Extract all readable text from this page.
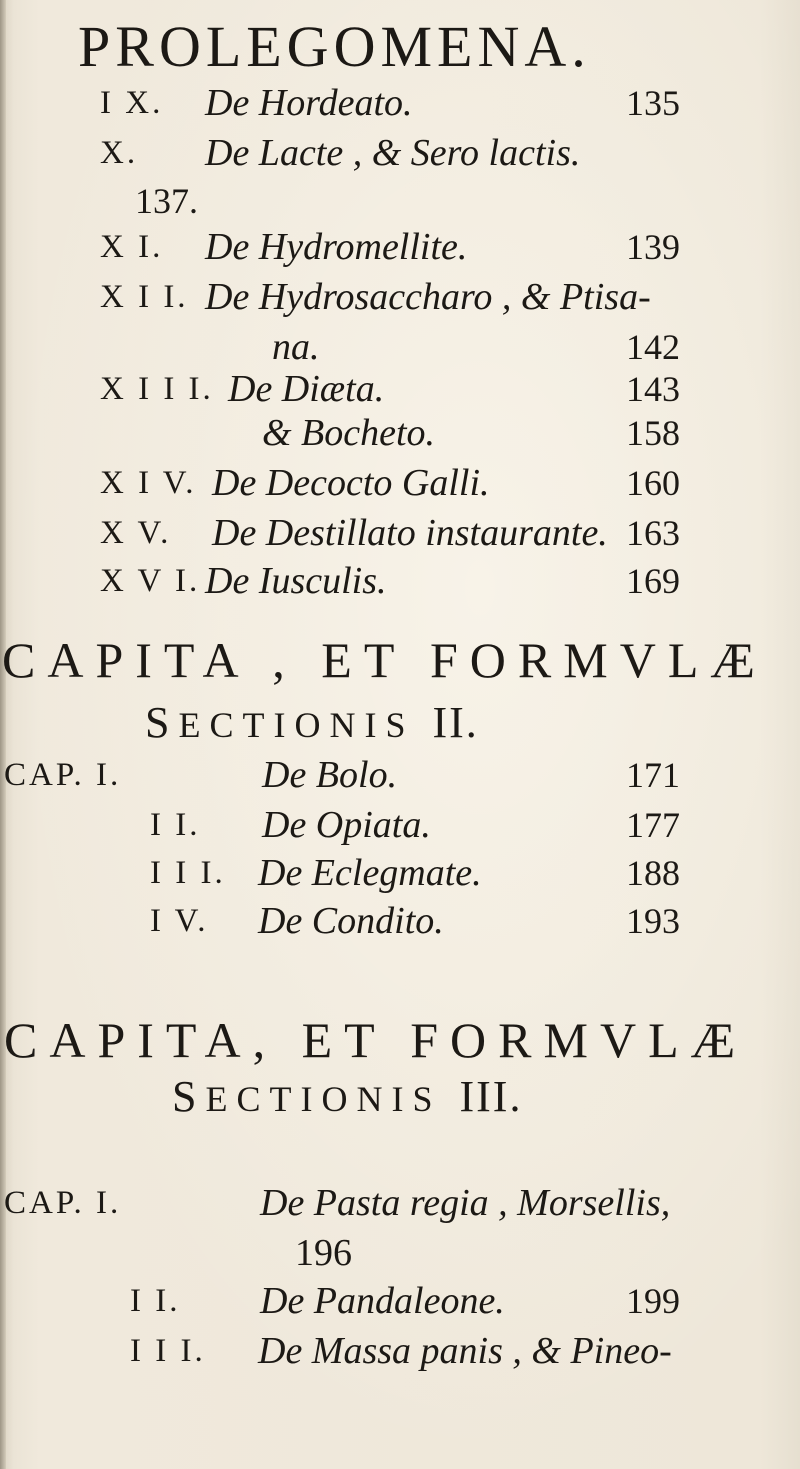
PROLEGOMENA.
I X. De Hordeato.	135
X. De Lacte , & Sero lactis.
137.
X I. De Hydromellite.	139
X I I. De Hydrosaccharo , & Ptisa-
na.	142
X I I I. De Diæta.	143
& Bocheto.	158
X I V. De Decocto Galli.	160
X V. De Destillato instaurante. 163
X V I. De Iusculis.	169
CAPITA , ET FORMVLÆ
SECTIONIS II.
CAP. I.	De Bolo.	171
I I. De Opiata.	177
I I I. De Eclegmate.	188
I V. De Condito.	193
CAPITA, ET FORMVLÆ
SECTIONIS III.
CAP. I.	De Pasta regia , Morsellis,
196
I I. De Pandaleone.	199
I I I. De Massa panis , & Pineo-
